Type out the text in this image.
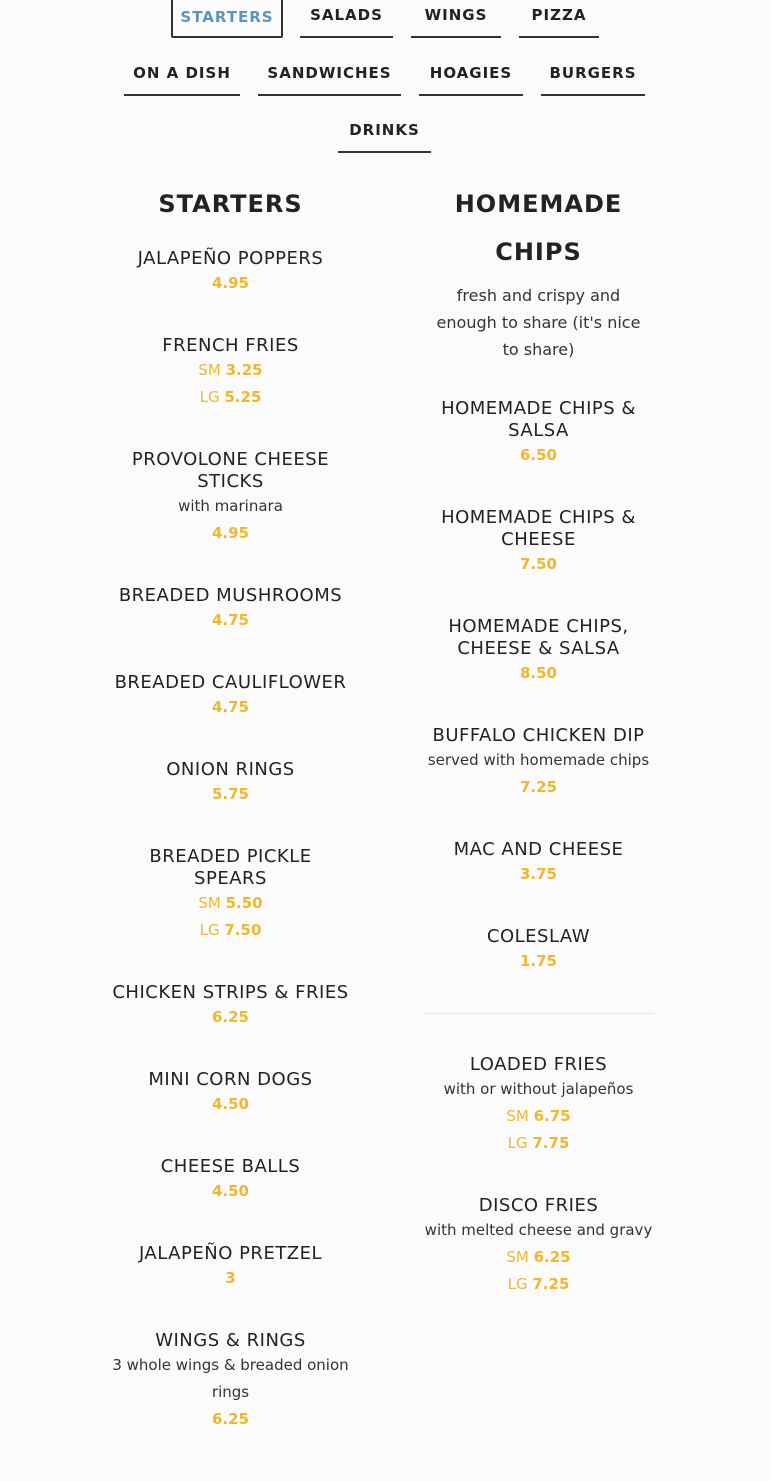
STARTERS	SALADS	WINGS	PIZZA
ON A DISH	SANDWICHES	HOAGIES	BURGERS
DRINKS
STARTERS
JALAPEÑO POPPERS
4.95
FRENCH FRIES
SM 3.25
LG 5.25
PROVOLONE CHEESE STICKS
with marinara
4.95
BREADED MUSHROOMS
4.75
BREADED CAULIFLOWER
4.75
ONION RINGS
5.75
BREADED PICKLE SPEARS
SM 5.50
LG 7.50
CHICKEN STRIPS & FRIES
6.25
MINI CORN DOGS
4.50
CHEESE BALLS
4.50
JALAPEÑO PRETZEL
3
WINGS & RINGS
3 whole wings & breaded onion rings
6.25
HOMEMADE CHIPS
fresh and crispy and enough to share (it's nice to share)
HOMEMADE CHIPS & SALSA
6.50
HOMEMADE CHIPS & CHEESE
7.50
HOMEMADE CHIPS, CHEESE & SALSA
8.50
BUFFALO CHICKEN DIP
served with homemade chips
7.25
MAC AND CHEESE
3.75
COLESLAW
1.75
LOADED FRIES
with or without jalapeños
SM 6.75
LG 7.75
DISCO FRIES
with melted cheese and gravy
SM 6.25
LG 7.25
